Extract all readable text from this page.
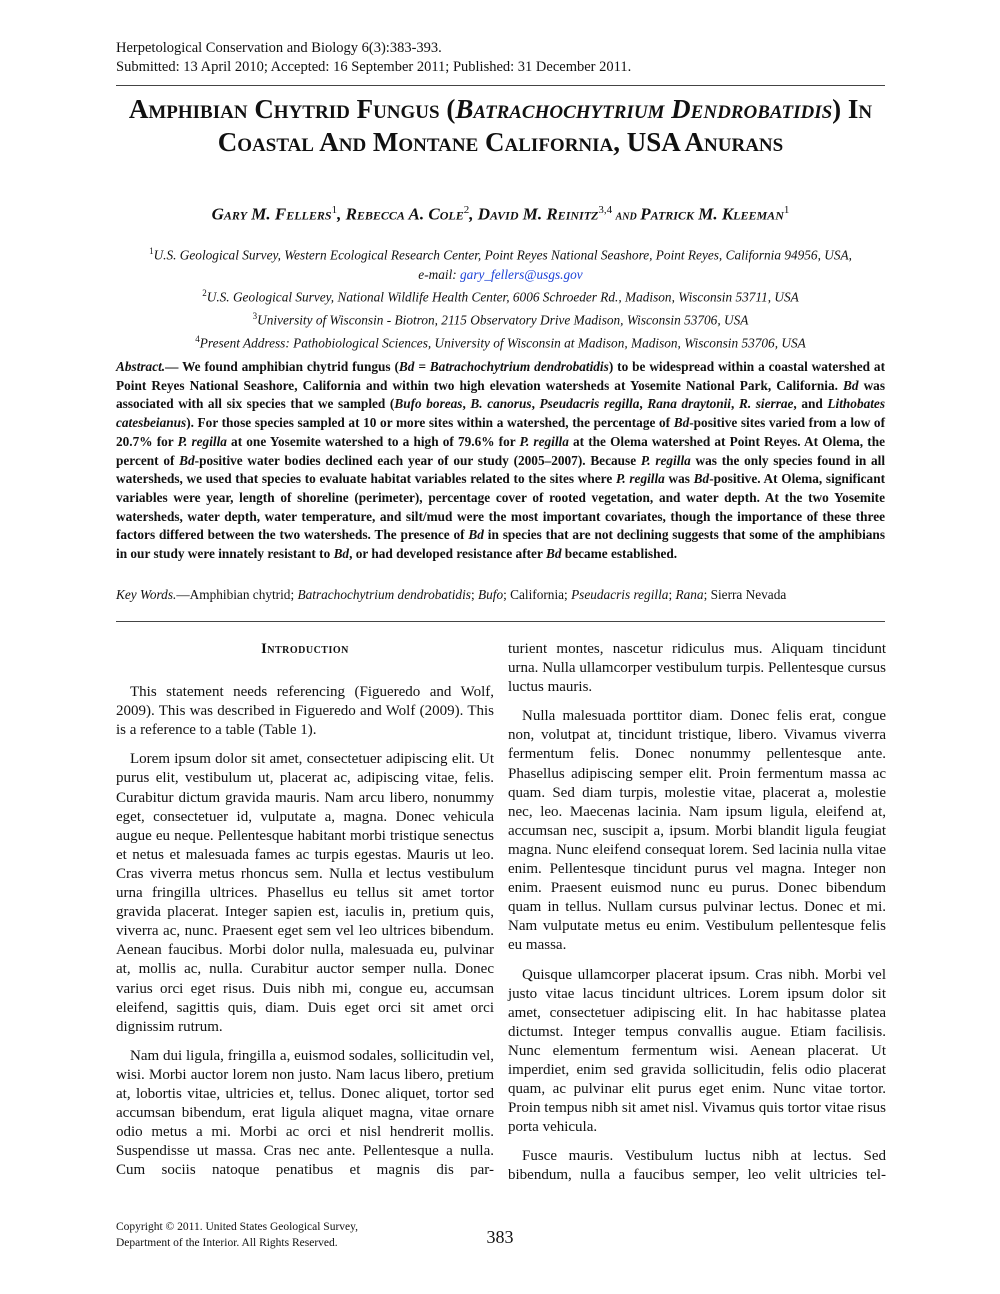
Herpetological Conservation and Biology 6(3):383-393.
Submitted: 13 April 2010; Accepted: 16 September 2011; Published: 31 December 2011.
Amphibian Chytrid Fungus (Batrachochytrium Dendrobatidis) In Coastal And Montane California, USA Anurans
Gary M. Fellers$^1$, Rebecca A. Cole$^2$, David M. Reinitz$^{3,4}$ and Patrick M. Kleeman$^1$
$^1$U.S. Geological Survey, Western Ecological Research Center, Point Reyes National Seashore, Point Reyes, California 94956, USA,
e-mail: gary_fellers@usgs.gov
$^2$U.S. Geological Survey, National Wildlife Health Center, 6006 Schroeder Rd., Madison, Wisconsin 53711, USA
$^3$University of Wisconsin - Biotron, 2115 Observatory Drive Madison, Wisconsin 53706, USA
$^4$Present Address: Pathobiological Sciences, University of Wisconsin at Madison, Madison, Wisconsin 53706, USA
Abstract.— We found amphibian chytrid fungus (Bd = Batrachochytrium dendrobatidis) to be widespread within a coastal watershed at Point Reyes National Seashore, California and within two high elevation watersheds at Yosemite National Park, California. Bd was associated with all six species that we sampled (Bufo boreas, B. canorus, Pseudacris regilla, Rana draytonii, R. sierrae, and Lithobates catesbeianus). For those species sampled at 10 or more sites within a watershed, the percentage of Bd-positive sites varied from a low of 20.7% for P. regilla at one Yosemite watershed to a high of 79.6% for P. regilla at the Olema watershed at Point Reyes. At Olema, the percent of Bd-positive water bodies declined each year of our study (2005–2007). Because P. regilla was the only species found in all watersheds, we used that species to evaluate habitat variables related to the sites where P. regilla was Bd-positive. At Olema, significant variables were year, length of shoreline (perimeter), percentage cover of rooted vegetation, and water depth. At the two Yosemite watersheds, water depth, water temperature, and silt/mud were the most important covariates, though the importance of these three factors differed between the two watersheds. The presence of Bd in species that are not declining suggests that some of the amphibians in our study were innately resistant to Bd, or had developed resistance after Bd became established.
Key Words.—Amphibian chytrid; Batrachochytrium dendrobatidis; Bufo; California; Pseudacris regilla; Rana; Sierra Nevada
Introduction

This statement needs referencing (Figueredo and Wolf, 2009). This was described in Figueredo and Wolf (2009). This is a reference to a table (Table 1).

Lorem ipsum dolor sit amet, consectetuer adipiscing elit. Ut purus elit, vestibulum ut, placerat ac, adipiscing vitae, felis. Curabitur dictum gravida mauris. Nam arcu libero, nonummy eget, consectetuer id, vulputate a, magna. Donec vehicula augue eu neque. Pellentesque habitant morbi tristique senectus et netus et malesuada fames ac turpis egestas. Mauris ut leo. Cras viverra metus rhoncus sem. Nulla et lectus vestibulum urna fringilla ultrices. Phasellus eu tellus sit amet tortor gravida placerat. Integer sapien est, iaculis in, pretium quis, viverra ac, nunc. Praesent eget sem vel leo ultrices bibendum. Aenean faucibus. Morbi dolor nulla, malesuada eu, pulvinar at, mollis ac, nulla. Curabitur auctor semper nulla. Donec varius orci eget risus. Duis nibh mi, congue eu, accumsan eleifend, sagittis quis, diam. Duis eget orci sit amet orci dignissim rutrum.

Nam dui ligula, fringilla a, euismod sodales, sollicitudin vel, wisi. Morbi auctor lorem non justo. Nam lacus libero, pretium at, lobortis vitae, ultricies et, tellus. Donec aliquet, tortor sed accumsan bibendum, erat ligula aliquet magna, vitae ornare odio metus a mi. Morbi ac orci et nisl hendrerit mollis. Suspendisse ut massa. Cras nec ante. Pellentesque a nulla. Cum sociis natoque penatibus et magnis dis par-

turient montes, nascetur ridiculus mus. Aliquam tincidunt urna. Nulla ullamcorper vestibulum turpis. Pellentesque cursus luctus mauris.

Nulla malesuada porttitor diam. Donec felis erat, congue non, volutpat at, tincidunt tristique, libero. Vivamus viverra fermentum felis. Donec nonummy pellentesque ante. Phasellus adipiscing semper elit. Proin fermentum massa ac quam. Sed diam turpis, molestie vitae, placerat a, molestie nec, leo. Maecenas lacinia. Nam ipsum ligula, eleifend at, accumsan nec, suscipit a, ipsum. Morbi blandit ligula feugiat magna. Nunc eleifend consequat lorem. Sed lacinia nulla vitae enim. Pellentesque tincidunt purus vel magna. Integer non enim. Praesent euismod nunc eu purus. Donec bibendum quam in tellus. Nullam cursus pulvinar lectus. Donec et mi. Nam vulputate metus eu enim. Vestibulum pellentesque felis eu massa.

Quisque ullamcorper placerat ipsum. Cras nibh. Morbi vel justo vitae lacus tincidunt ultrices. Lorem ipsum dolor sit amet, consectetuer adipiscing elit. In hac habitasse platea dictumst. Integer tempus convallis augue. Etiam facilisis. Nunc elementum fermentum wisi. Aenean placerat. Ut imperdiet, enim sed gravida sollicitudin, felis odio placerat quam, ac pulvinar elit purus eget enim. Nunc vitae tortor. Proin tempus nibh sit amet nisl. Vivamus quis tortor vitae risus porta vehicula.

Fusce mauris. Vestibulum luctus nibh at lectus. Sed bibendum, nulla a faucibus semper, leo velit ultricies tel-

Copyright © 2011. United States Geological Survey,
Department of the Interior. All Rights Reserved.	383
